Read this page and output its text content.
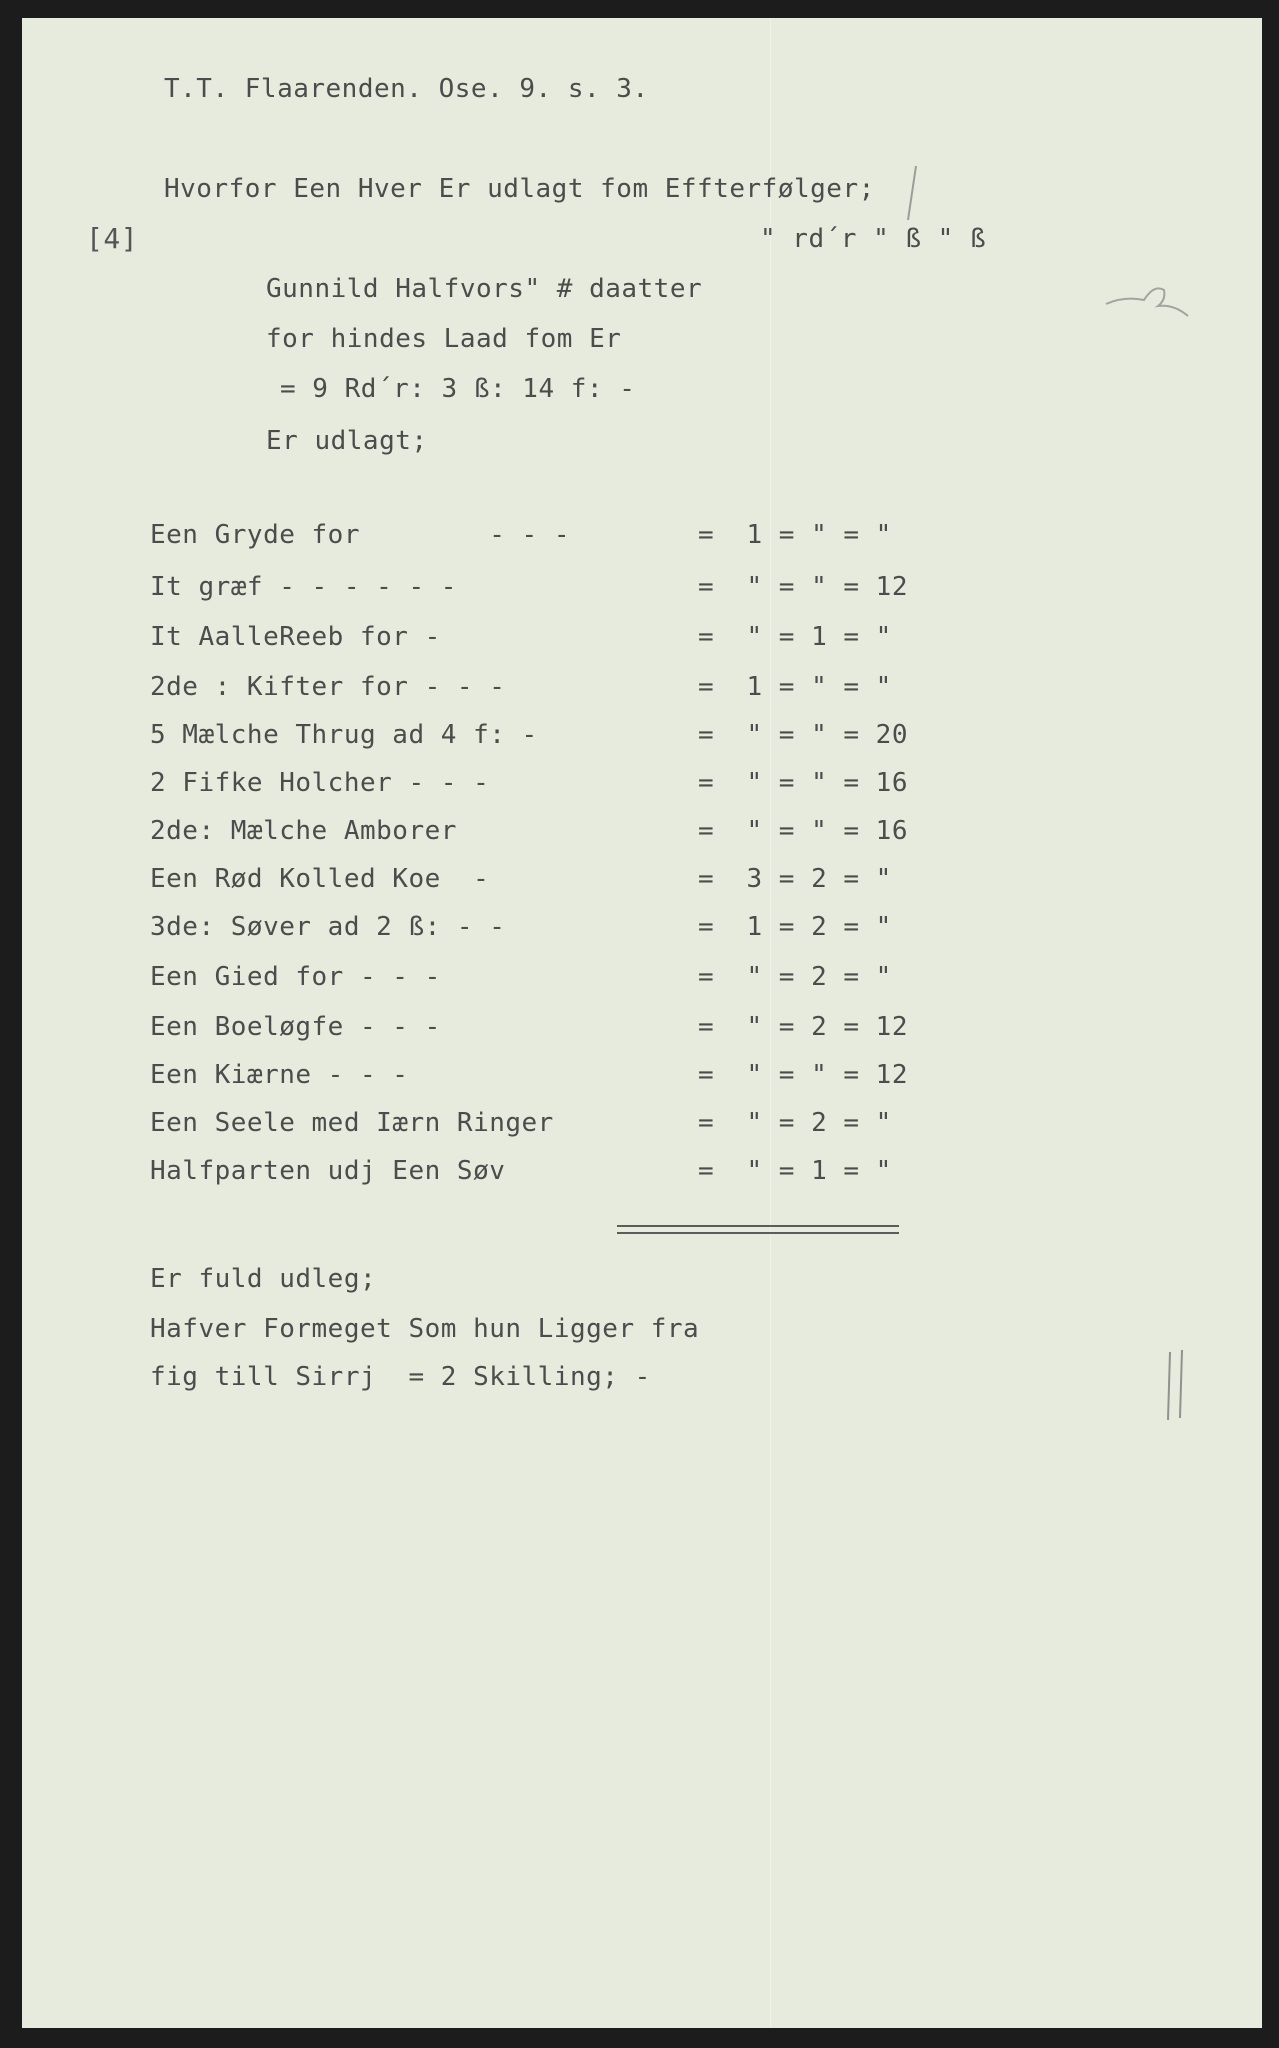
T.T. Flaarenden. Ose. 9. s. 3.
Hvorfor Een Hver Er udlagt fom Effterfølger;
[4]	" rd´r " ß " ß
Gunnild Halfvors" # daatter
for hindes Laad fom Er
= 9 Rd´r: 3 ß: 14 f: -
Er udlagt;
Een Gryde for        - - -	=  1 = " = "
It græf - - - - - -	=  " = " = 12
It AalleReeb for -	=  " = 1 = "
2de : Kifter for - - -	=  1 = " = "
5 Mælche Thrug ad 4 f: -	=  " = " = 20
2 Fifke Holcher - - -	=  " = " = 16
2de: Mælche Amborer	=  " = " = 16
Een Rød Kolled Koe  -	=  3 = 2 = "
3de: Søver ad 2 ß: - -	=  1 = 2 = "
Een Gied for - - -	=  " = 2 = "
Een Boeløgfe - - -	=  " = 2 = 12
Een Kiærne - - -	=  " = " = 12
Een Seele med Iærn Ringer	=  " = 2 = "
Halfparten udj Een Søv	=  " = 1 = "
Er fuld udleg;
Hafver Formeget Som hun Ligger fra
fig till Sirrj  = 2 Skilling; -
